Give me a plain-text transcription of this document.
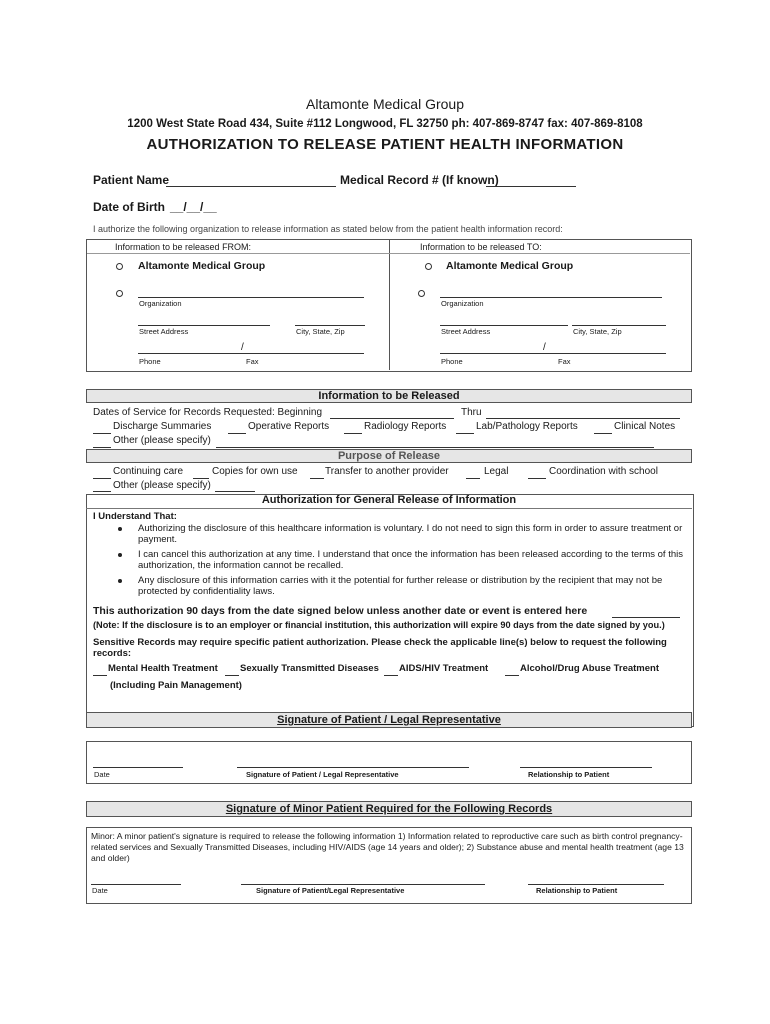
Altamonte Medical Group
1200 West State Road 434, Suite #112 Longwood, FL 32750 ph: 407-869-8747 fax: 407-869-8108
AUTHORIZATION TO RELEASE PATIENT HEALTH INFORMATION
Patient Name	Medical Record # (If known)
Date of Birth __/__/__
I authorize the following organization to release information as stated below from the patient health information record:
Information to be released FROM:
Altamonte Medical Group
Organization
Street Address	City, State, Zip
/
Phone	Fax
Information to be released TO:
Altamonte Medical Group
Organization
Street Address	City, State, Zip
/
Phone	Fax
Information to be Released
Dates of Service for Records Requested: Beginning	Thru
Discharge Summaries	Operative Reports	Radiology Reports	Lab/Pathology Reports	Clinical Notes
Other (please specify)
Purpose of Release
Continuing care	Copies for own use	Transfer to another provider	Legal	Coordination with school
Other (please specify)
Authorization for General Release of Information
I Understand That:
Authorizing the disclosure of this healthcare information is voluntary. I do not need to sign this form in order to assure treatment or payment.
I can cancel this authorization at any time. I understand that once the information has been released according to the terms of this authorization, the information cannot be recalled.
Any disclosure of this information carries with it the potential for further release or distribution by the recipient that may not be protected by confidentiality laws.
This authorization 90 days from the date signed below unless another date or event is entered here
(Note: If the disclosure is to an employer or financial institution, this authorization will expire 90 days from the date signed by you.)
Sensitive Records may require specific patient authorization. Please check the applicable line(s) below to request the following records:
Mental Health Treatment Sexually Transmitted Diseases AIDS/HIV Treatment	Alcohol/Drug Abuse Treatment
(Including Pain Management)
Signature of Patient / Legal Representative
Date	Signature of Patient / Legal Representative	Relationship to Patient
Signature of Minor Patient Required for the Following Records
Minor: A minor patient's signature is required to release the following information 1) Information related to reproductive care such as birth control pregnancy-related services and Sexually Transmitted Diseases, including HIV/AIDS (age 14 years and older); 2) Substance abuse and mental health treatment (age 13 and older)
Date	Signature of Patient/Legal Representative	Relationship to Patient
